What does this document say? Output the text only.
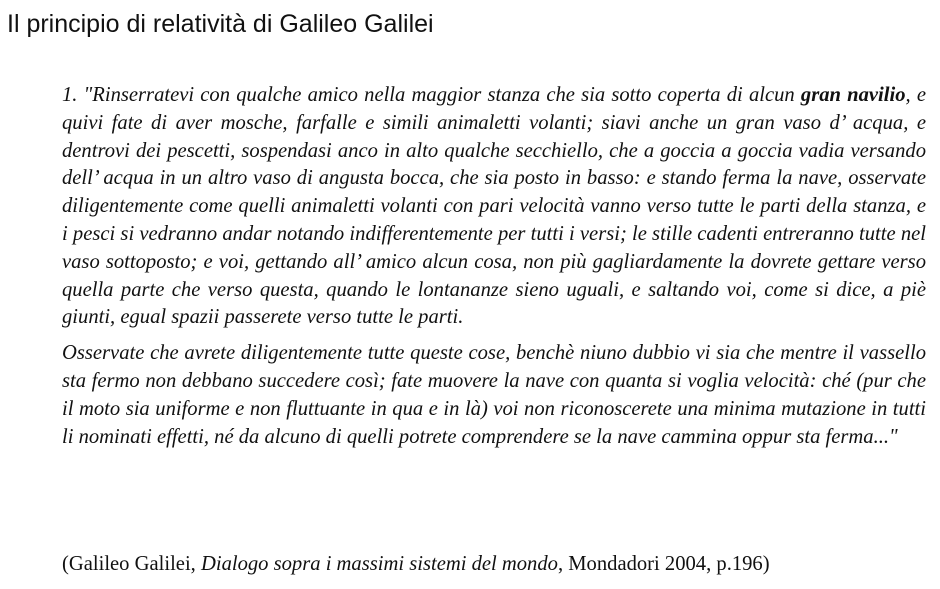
Il principio di relatività di Galileo Galilei

1. "Rinserratevi con qualche amico nella maggior stanza che sia sotto coperta di alcun gran navilio, e quivi fate di aver mosche, farfalle e simili animaletti volanti; siavi anche un gran vaso d’ acqua, e dentrovi dei pescetti, sospendasi anco in alto qualche secchiello, che a goccia a goccia vadia versando dell’ acqua in un altro vaso di angusta bocca, che sia posto in basso: e stando ferma la nave, osservate diligentemente come quelli animaletti volanti con pari velocità vanno verso tutte le parti della stanza, e i pesci si vedranno andar notando indifferentemente per tutti i versi; le stille cadenti entreranno tutte nel vaso sottoposto; e voi, gettando all’ amico alcun cosa, non più gagliardamente la dovrete gettare verso quella parte che verso questa, quando le lontananze sieno uguali, e saltando voi, come si dice, a piè giunti, egual spazii passerete verso tutte le parti.

Osservate che avrete diligentemente tutte queste cose, benchè niuno dubbio vi sia che mentre il vassello sta fermo non debbano succedere così; fate muovere la nave con quanta si voglia velocità: ché (pur che il moto sia uniforme e non fluttuante in qua e in là) voi non riconoscerete una minima mutazione in tutti li nominati effetti, né da alcuno di quelli potrete comprendere se la nave cammina oppur sta ferma..."

(Galileo Galilei, Dialogo sopra i massimi sistemi del mondo, Mondadori 2004, p.196)
